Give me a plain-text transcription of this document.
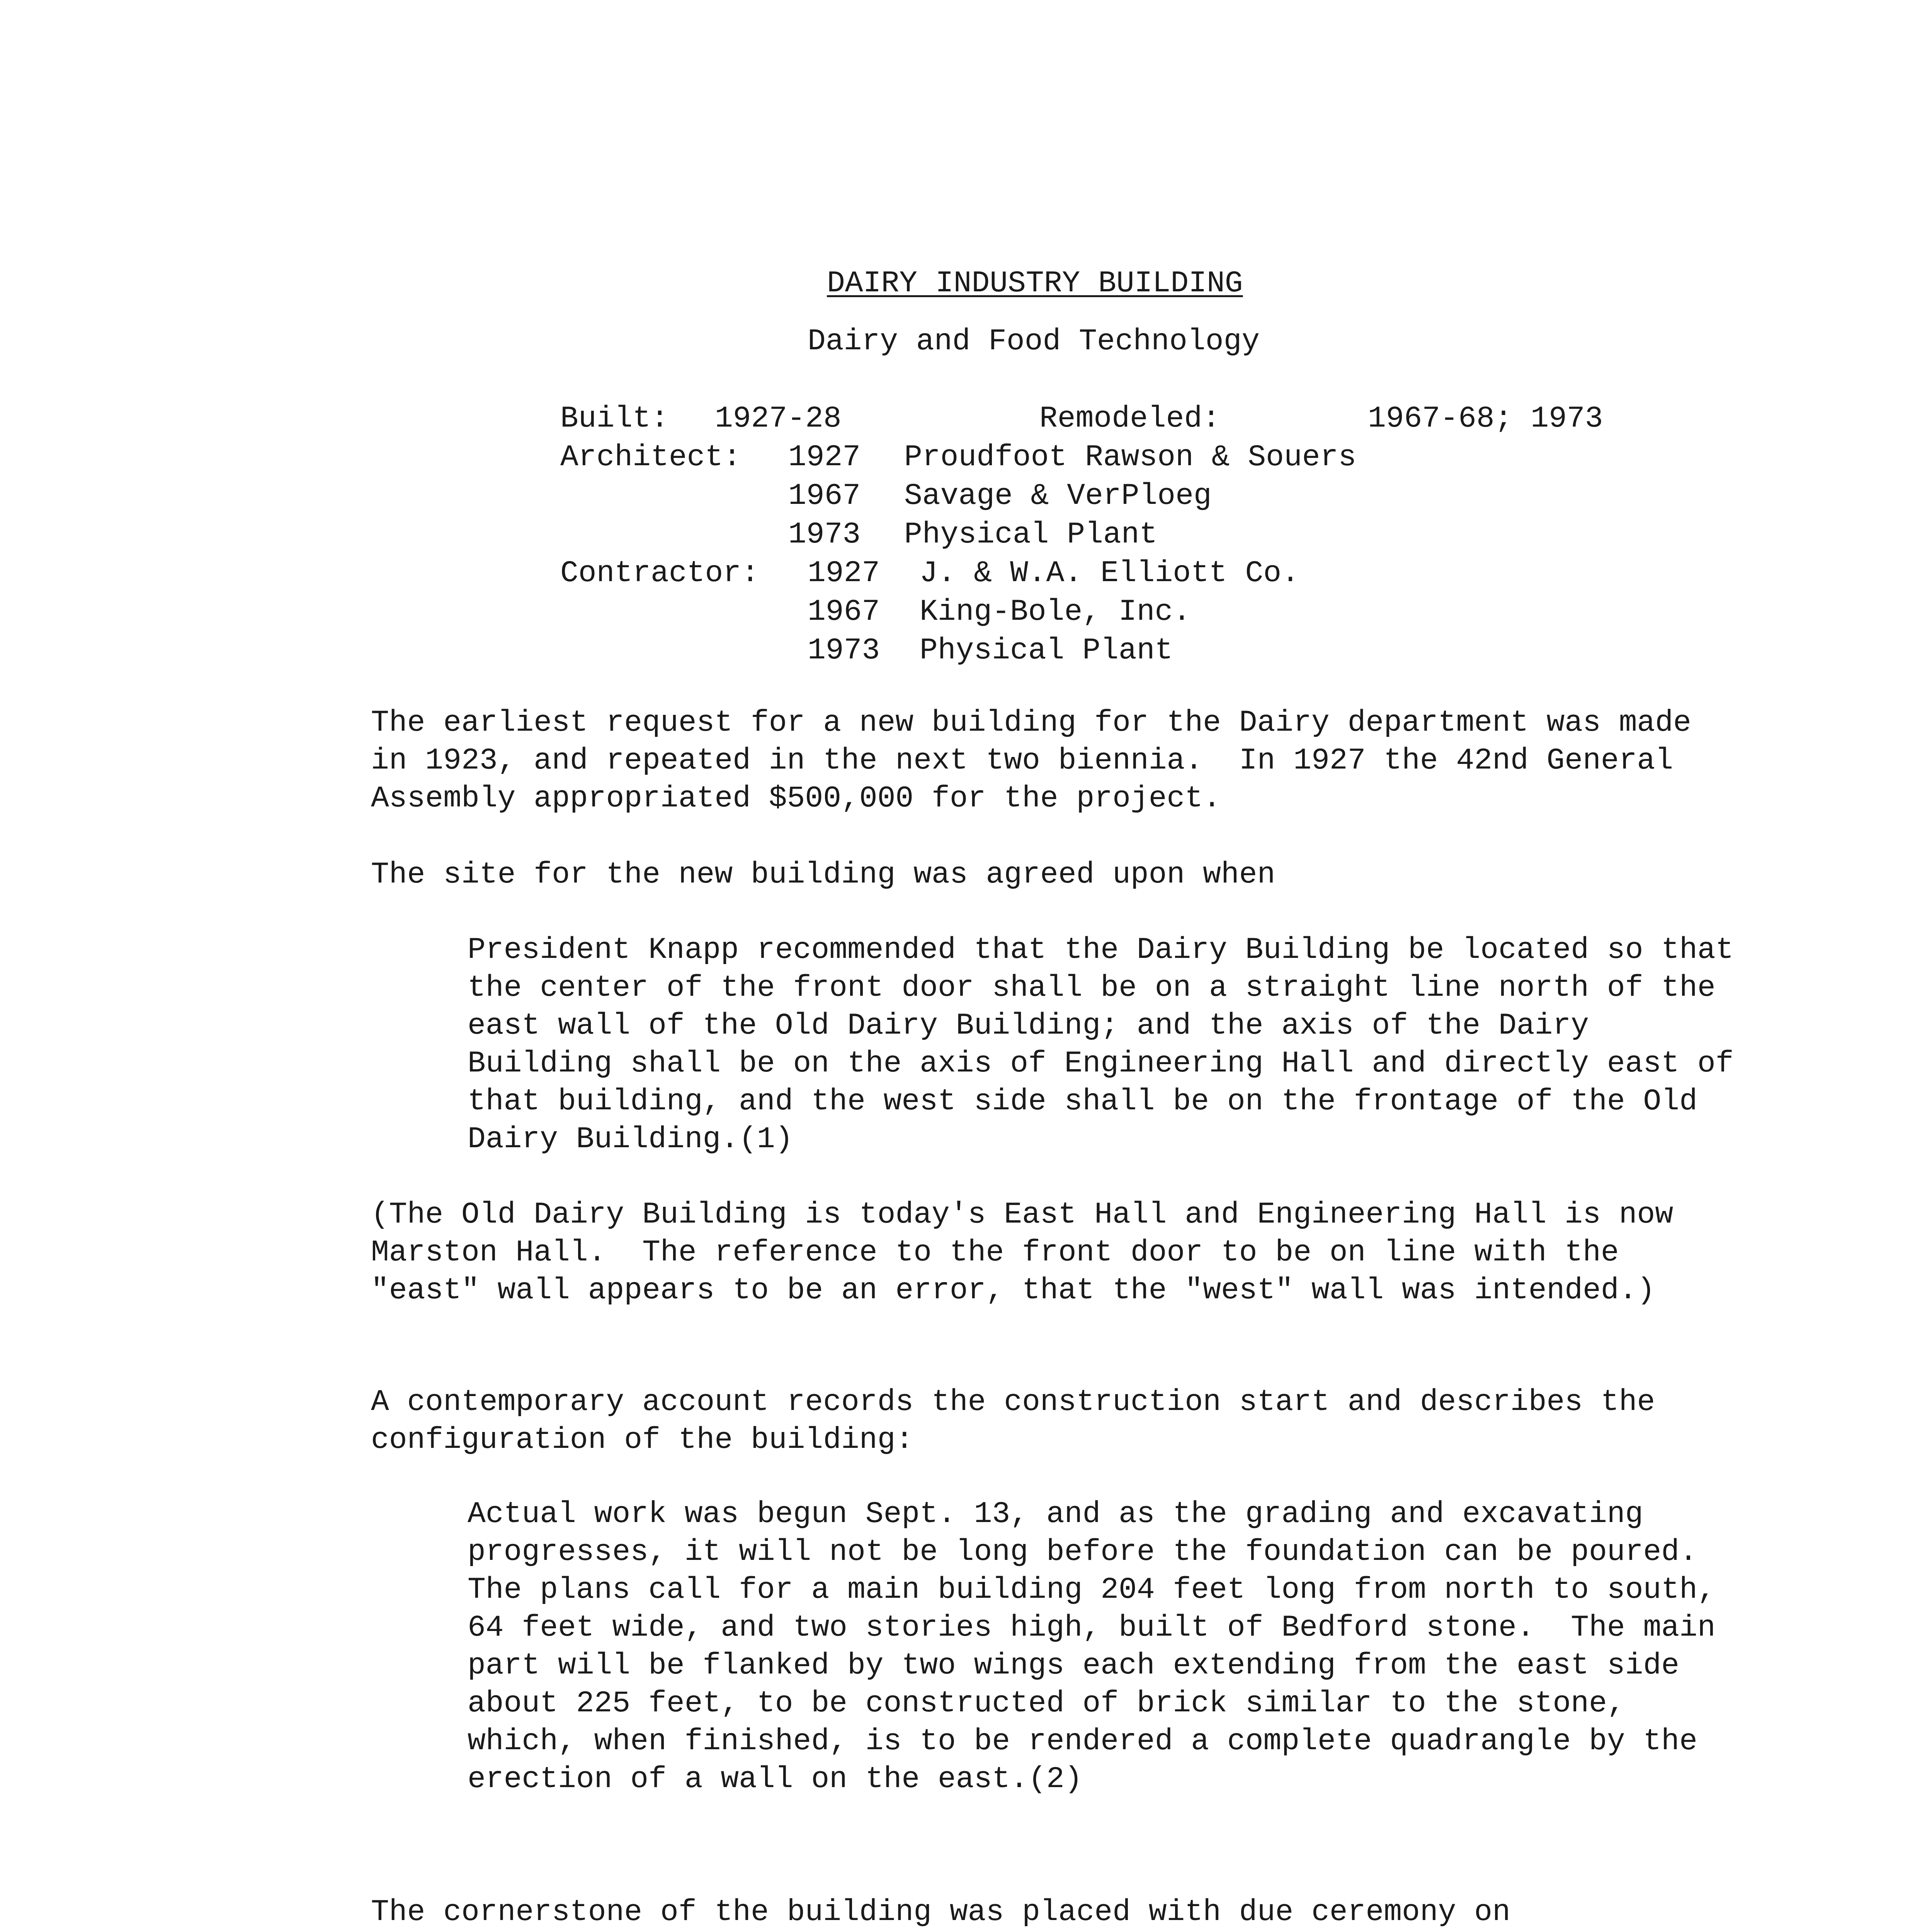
DAIRY INDUSTRY BUILDING
Dairy and Food Technology
Built: 1927-28	Remodeled:	1967-68; 1973
Architect: 1927 Proudfoot Rawson & Souers
1967 Savage & VerPloeg
1973 Physical Plant
Contractor: 1927 J. & W.A. Elliott Co.
1967 King-Bole, Inc.
1973 Physical Plant

The earliest request for a new building for the Dairy department was made in 1923, and repeated in the next two biennia.  In 1927 the 42nd General Assembly appropriated $500,000 for the project.

The site for the new building was agreed upon when

President Knapp recommended that the Dairy Building be located so that the center of the front door shall be on a straight line north of the east wall of the Old Dairy Building; and the axis of the Dairy Building shall be on the axis of Engineering Hall and directly east of that building, and the west side shall be on the frontage of the Old Dairy Building.(1)

(The Old Dairy Building is today's East Hall and Engineering Hall is now Marston Hall.  The reference to the front door to be on line with the "east" wall appears to be an error, that the "west" wall was intended.)

A contemporary account records the construction start and describes the configuration of the building:

Actual work was begun Sept. 13, and as the grading and excavating progresses, it will not be long before the foundation can be poured.  The plans call for a main building 204 feet long from north to south, 64 feet wide, and two stories high, built of Bedford stone.  The main part will be flanked by two wings each extending from the east side about 225 feet, to be constructed of brick similar to the stone, which, when finished, is to be rendered a complete quadrangle by the erection of a wall on the east.(2)

The cornerstone of the building was placed with due ceremony on
